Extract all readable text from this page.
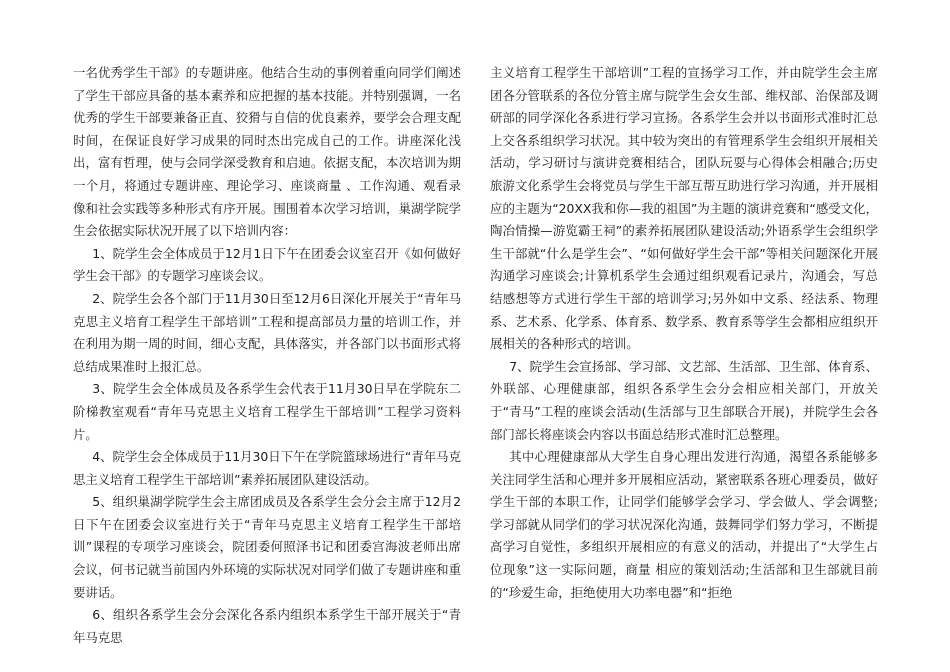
一名优秀学生干部》的专题讲座。他结合生动的事例着重向同学们阐述了学生干部应具备的基本素养和应把握的基本技能。并特别强调，一名优秀的学生干部要兼备正直、狡猾与自信的优良素养，要学会合理支配时间，在保证良好学习成果的同时杰出完成自己的工作。讲座深化浅出，富有哲理，使与会同学深受教育和启迪。依据支配，本次培训为期一个月，将通过专题讲座、理论学习、座谈商量 、工作沟通、观看录像和社会实践等多种形式有序开展。围围着本次学习培训，巢湖学院学生会依据实际状况开展了以下培训内容：

1、院学生会全体成员于12月1日下午在团委会议室召开《如何做好学生会干部》的专题学习座谈会议。

2、院学生会各个部门于11月30日至12月6日深化开展关于“青年马克思主义培育工程学生干部培训”工程和提高部员力量的培训工作，并在利用为期一周的时间，细心支配，具体落实，并各部门以书面形式将总结成果准时上报汇总。

3、院学生会全体成员及各系学生会代表于11月30日早在学院东二阶梯教室观看“青年马克思主义培育工程学生干部培训”工程学习资料片。

4、院学生会全体成员于11月30日下午在学院篮球场进行“青年马克思主义培育工程学生干部培训”素养拓展团队建设活动。

5、组织巢湖学院学生会主席团成员及各系学生会分会主席于12月2日下午在团委会议室进行关于“青年马克思主义培育工程学生干部培训”课程的专项学习座谈会，院团委何照泽书记和团委宫海波老师出席会议，何书记就当前国内外环境的实际状况对同学们做了专题讲座和重要讲话。

6、组织各系学生会分会深化各系内组织本系学生干部开展关于“青年马克思

主义培育工程学生干部培训”工程的宣扬学习工作，并由院学生会主席团各分管联系的各位分管主席与院学生会女生部、维权部、治保部及调研部的同学深化各系进行学习宣扬。各系学生会并以书面形式准时汇总上交各系组织学习状况。其中较为突出的有管理系学生会组织开展相关活动，学习研讨与演讲竞赛相结合，团队玩耍与心得体会相融合;历史旅游文化系学生会将党员与学生干部互帮互助进行学习沟通，并开展相应的主题为“20XX我和你—我的祖国”为主题的演讲竞赛和“感受文化，陶冶情操—游览霸王祠”的素养拓展团队建设活动;外语系学生会组织学生干部就“什么是学生会”、“如何做好学生会干部”等相关问题深化开展沟通学习座谈会;计算机系学生会通过组织观看记录片，沟通会，写总结感想等方式进行学生干部的培训学习;另外如中文系、经法系、物理系、艺术系、化学系、体育系、数学系、教育系等学生会都相应组织开展相关的各种形式的培训。

7、院学生会宣扬部、学习部、文艺部、生活部、卫生部、体育系、外联部、心理健康部，组织各系学生会分会相应相关部门，开放关于“青马”工程的座谈会活动(生活部与卫生部联合开展)，并院学生会各部门部长将座谈会内容以书面总结形式准时汇总整理。

其中心理健康部从大学生自身心理出发进行沟通，渴望各系能够多关注同学生活和心理并多开展相应活动，紧密联系各班心理委员，做好学生干部的本职工作，让同学们能够学会学习、学会做人、学会调整;学习部就从同学们的学习状况深化沟通，鼓舞同学们努力学习，不断提高学习自觉性，多组织开展相应的有意义的活动，并提出了“大学生占位现象”这一实际问题，商量 相应的策划活动;生活部和卫生部就目前的“珍爱生命，拒绝使用大功率电器”和“拒绝
